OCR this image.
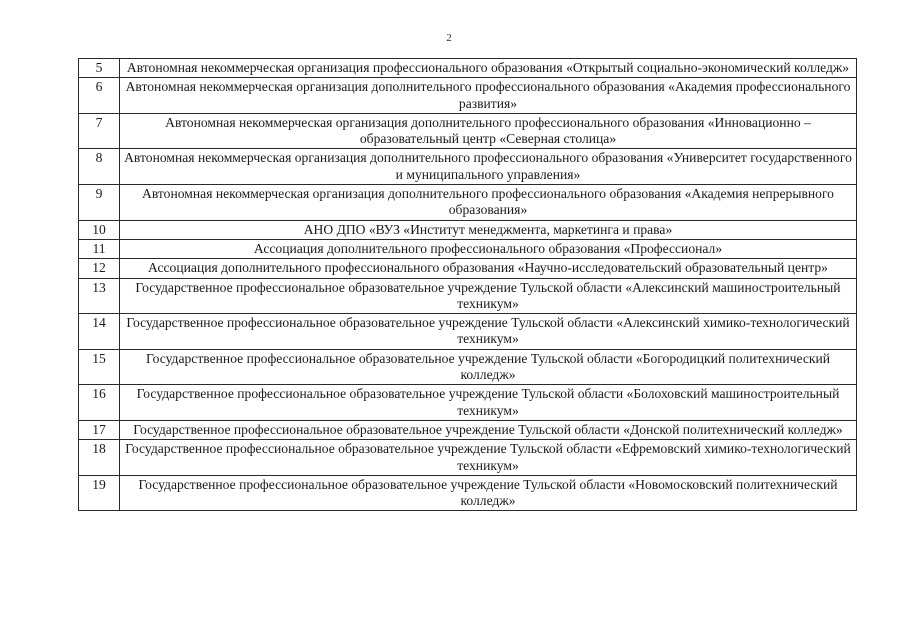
2
5	Автономная некоммерческая организация профессионального образования «Открытый социально-экономический колледж»
6	Автономная некоммерческая организация дополнительного профессионального образования «Академия профессионального развития»
7	Автономная некоммерческая организация дополнительного профессионального образования «Инновационно – образовательный центр «Северная столица»
8	Автономная некоммерческая организация дополнительного профессионального образования «Университет государственного и муниципального управления»
9	Автономная некоммерческая организация дополнительного профессионального образования «Академия непрерывного образования»
10	АНО ДПО «ВУЗ «Институт менеджмента, маркетинга и права»
11	Ассоциация дополнительного профессионального образования «Профессионал»
12	Ассоциация дополнительного профессионального образования «Научно-исследовательский образовательный центр»
13	Государственное профессиональное образовательное учреждение Тульской области «Алексинский машиностроительный техникум»
14	Государственное профессиональное образовательное учреждение Тульской области «Алексинский химико-технологический техникум»
15	Государственное профессиональное образовательное учреждение Тульской области «Богородицкий политехнический колледж»
16	Государственное профессиональное образовательное учреждение Тульской области «Болоховский машиностроительный техникум»
17	Государственное профессиональное образовательное учреждение Тульской области «Донской политехнический колледж»
18	Государственное профессиональное образовательное учреждение Тульской области «Ефремовский химико-технологический техникум»
19	Государственное профессиональное образовательное учреждение Тульской области «Новомосковский политехнический колледж»
